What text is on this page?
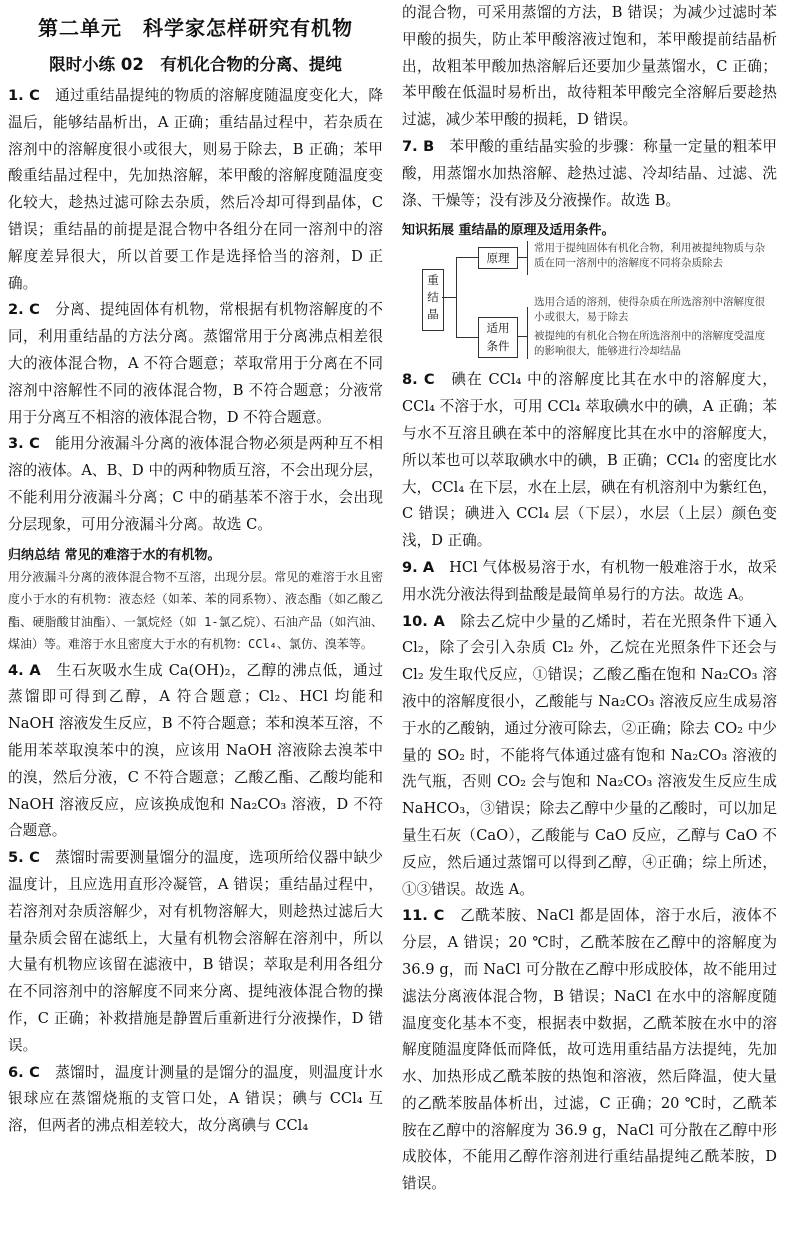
第二单元　科学家怎样研究有机物
限时小练 02　有机化合物的分离、提纯

1. C　通过重结晶提纯的物质的溶解度随温度变化大，降温后，能够结晶析出，A 正确；重结晶过程中，若杂质在溶剂中的溶解度很小或很大，则易于除去，B 正确；苯甲酸重结晶过程中，先加热溶解，苯甲酸的溶解度随温度变化较大，趁热过滤可除去杂质，然后冷却可得到晶体，C 错误；重结晶的前提是混合物中各组分在同一溶剂中的溶解度差异很大，所以首要工作是选择恰当的溶剂，D 正确。

2. C　分离、提纯固体有机物，常根据有机物溶解度的不同，利用重结晶的方法分离。蒸馏常用于分离沸点相差很大的液体混合物，A 不符合题意；萃取常用于分离在不同溶剂中溶解性不同的液体混合物，B 不符合题意；分液常用于分离互不相溶的液体混合物，D 不符合题意。

3. C　能用分液漏斗分离的液体混合物必须是两种互不相溶的液体。A、B、D 中的两种物质互溶，不会出现分层，不能利用分液漏斗分离；C 中的硝基苯不溶于水，会出现分层现象，可用分液漏斗分离。故选 C。

归纳总结 常见的难溶于水的有机物。

用分液漏斗分离的液体混合物不互溶，出现分层。常见的难溶于水且密度小于水的有机物：液态烃（如苯、苯的同系物）、液态酯（如乙酸乙酯、硬脂酸甘油酯）、一氯烷烃（如 1-氯乙烷）、石油产品（如汽油、煤油）等。难溶于水且密度大于水的有机物：CCl₄、氯仿、溴苯等。

4. A　生石灰吸水生成 Ca(OH)₂，乙醇的沸点低，通过蒸馏即可得到乙醇，A 符合题意；Cl₂、HCl 均能和 NaOH 溶液发生反应，B 不符合题意；苯和溴苯互溶，不能用苯萃取溴苯中的溴，应该用 NaOH 溶液除去溴苯中的溴，然后分液，C 不符合题意；乙酸乙酯、乙酸均能和 NaOH 溶液反应，应该换成饱和 Na₂CO₃ 溶液，D 不符合题意。

5. C　蒸馏时需要测量馏分的温度，选项所给仪器中缺少温度计，且应选用直形冷凝管，A 错误；重结晶过程中，若溶剂对杂质溶解少，对有机物溶解大，则趁热过滤后大量杂质会留在滤纸上，大量有机物会溶解在溶剂中，所以大量有机物应该留在滤液中，B 错误；萃取是利用各组分在不同溶剂中的溶解度不同来分离、提纯液体混合物的操作，C 正确；补救措施是静置后重新进行分液操作，D 错误。

6. C　蒸馏时，温度计测量的是馏分的温度，则温度计水银球应在蒸馏烧瓶的支管口处，A 错误；碘与 CCl₄ 互溶，但两者的沸点相差较大，故分离碘与 CCl₄

的混合物，可采用蒸馏的方法，B 错误；为减少过滤时苯甲酸的损失，防止苯甲酸溶液过饱和，苯甲酸提前结晶析出，故粗苯甲酸加热溶解后还要加少量蒸馏水，C 正确；苯甲酸在低温时易析出，故待粗苯甲酸完全溶解后要趁热过滤，减少苯甲酸的损耗，D 错误。

7. B　苯甲酸的重结晶实验的步骤：称量一定量的粗苯甲酸，用蒸馏水加热溶解、趁热过滤、冷却结晶、过滤、洗涤、干燥等；没有涉及分液操作。故选 B。

知识拓展 重结晶的原理及适用条件。
重结晶
原理
适用条件
常用于提纯固体有机化合物，利用被提纯物质与杂质在同一溶剂中的溶解度不同将杂质除去
选用合适的溶剂，使得杂质在所选溶剂中溶解度很小或很大，易于除去
被提纯的有机化合物在所选溶剂中的溶解度受温度的影响很大，能够进行冷却结晶

8. C　碘在 CCl₄ 中的溶解度比其在水中的溶解度大，CCl₄ 不溶于水，可用 CCl₄ 萃取碘水中的碘，A 正确；苯与水不互溶且碘在苯中的溶解度比其在水中的溶解度大，所以苯也可以萃取碘水中的碘，B 正确；CCl₄ 的密度比水大，CCl₄ 在下层，水在上层，碘在有机溶剂中为紫红色，C 错误；碘进入 CCl₄ 层（下层），水层（上层）颜色变浅，D 正确。

9. A　HCl 气体极易溶于水，有机物一般难溶于水，故采用水洗分液法得到盐酸是最简单易行的方法。故选 A。

10. A　除去乙烷中少量的乙烯时，若在光照条件下通入 Cl₂，除了会引入杂质 Cl₂ 外，乙烷在光照条件下还会与 Cl₂ 发生取代反应，①错误；乙酸乙酯在饱和 Na₂CO₃ 溶液中的溶解度很小，乙酸能与 Na₂CO₃ 溶液反应生成易溶于水的乙酸钠，通过分液可除去，②正确；除去 CO₂ 中少量的 SO₂ 时，不能将气体通过盛有饱和 Na₂CO₃ 溶液的洗气瓶，否则 CO₂ 会与饱和 Na₂CO₃ 溶液发生反应生成 NaHCO₃，③错误；除去乙醇中少量的乙酸时，可以加足量生石灰（CaO），乙酸能与 CaO 反应，乙醇与 CaO 不反应，然后通过蒸馏可以得到乙醇，④正确；综上所述，①③错误。故选 A。

11. C　乙酰苯胺、NaCl 都是固体，溶于水后，液体不分层，A 错误；20 ℃时，乙酰苯胺在乙醇中的溶解度为 36.9 g，而 NaCl 可分散在乙醇中形成胶体，故不能用过滤法分离液体混合物，B 错误；NaCl 在水中的溶解度随温度变化基本不变，根据表中数据，乙酰苯胺在水中的溶解度随温度降低而降低，故可选用重结晶方法提纯，先加水、加热形成乙酰苯胺的热饱和溶液，然后降温，使大量的乙酰苯胺晶体析出，过滤，C 正确；20 ℃时，乙酰苯胺在乙醇中的溶解度为 36.9 g，NaCl 可分散在乙醇中形成胶体，不能用乙醇作溶剂进行重结晶提纯乙酰苯胺，D 错误。
